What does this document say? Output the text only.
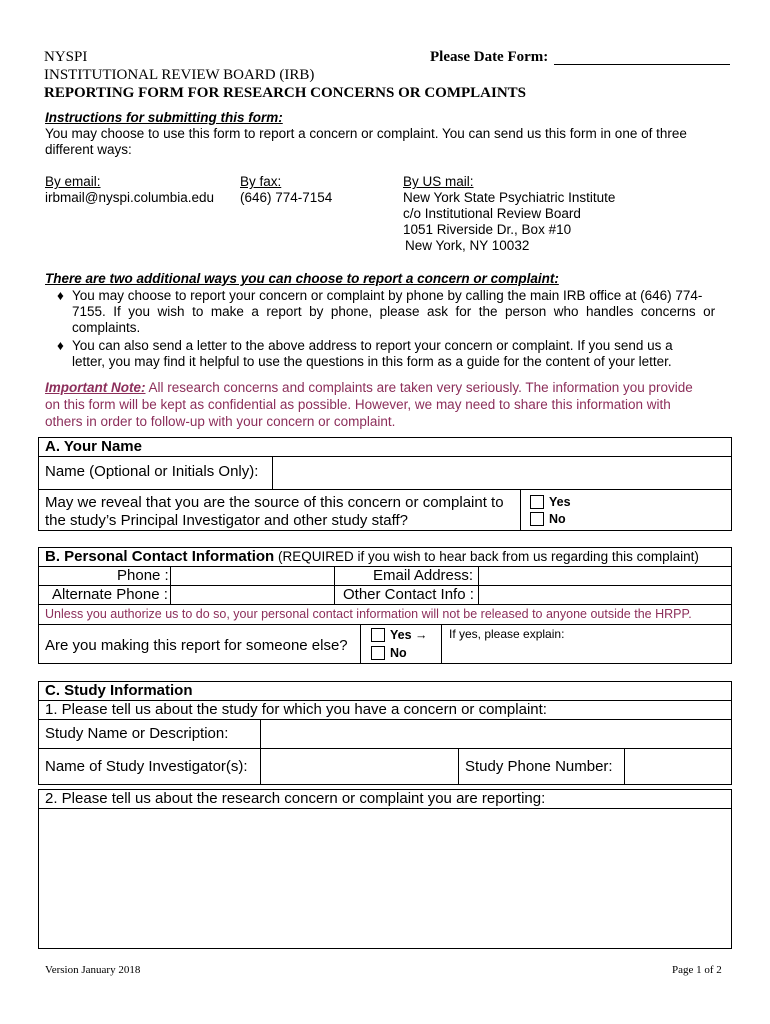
NYSPI
INSTITUTIONAL REVIEW BOARD (IRB)
REPORTING FORM FOR RESEARCH CONCERNS OR COMPLAINTS
Please Date Form:
Instructions for submitting this form:
You may choose to use this form to report a concern or complaint. You can send us this form in one of three
different ways:
By email:
irbmail@nyspi.columbia.edu
By fax:
(646) 774-7154
By US mail:
New York State Psychiatric Institute
c/o Institutional Review Board
1051 Riverside Dr., Box #10
New York, NY 10032
There are two additional ways you can choose to report a concern or complaint:
♦ You may choose to report your concern or complaint by phone by calling the main IRB office at (646) 774-
7155.  If  you  wish  to  make  a  report  by  phone,  please  ask  for  the  person  who  handles  concerns  or
complaints.
♦ You can also send a letter to the above address to report your concern or complaint. If you send us a
letter, you may find it helpful to use the questions in this form as a guide for the content of your letter.
Important Note: All research concerns and complaints are taken very seriously. The information you provide
on this form will be kept as confidential as possible. However, we may need to share this information with
others in order to follow-up with your concern or complaint.
A. Your Name
Name (Optional or Initials Only):
May we reveal that you are the source of this concern or complaint to
the study’s Principal Investigator and other study staff?
Yes
No
B. Personal Contact Information (REQUIRED if you wish to hear back from us regarding this complaint)
Phone :	Email Address:
Alternate Phone :	Other Contact Info :
Unless you authorize us to do so, your personal contact information will not be released to anyone outside the HRPP.
Are you making this report for someone else?
Yes →
No
If yes, please explain:
C. Study Information
1. Please tell us about the study for which you have a concern or complaint:
Study Name or Description:
Name of Study Investigator(s):	Study Phone Number:
2. Please tell us about the research concern or complaint you are reporting:
Version January 2018	Page 1 of 2
